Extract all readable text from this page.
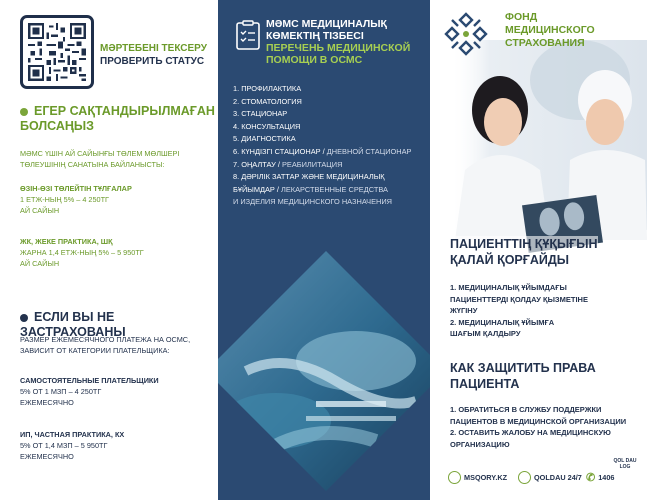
МӘРТЕБЕНІ ТЕКСЕРУ
ПРОВЕРИТЬ СТАТУС
ЕГЕР САҚТАНДЫРЫЛМАҒАН
БОЛСАҢЫЗ
МӘМС ҮШІН АЙ САЙЫНҒЫ ТӨЛЕМ МӨЛШЕРІ
ТӨЛЕУШІНІҢ САНАТЫНА БАЙЛАНЫСТЫ:
ӨЗІН-ӨЗІ ТӨЛЕЙТІН ТҰЛҒАЛАР
1 ЕТЖ-НЫҢ 5% – 4 250ТГ
АЙ САЙЫН
ЖК, ЖЕКЕ ПРАКТИКА, ШҚ
ЖАРНА 1,4 ЕТЖ-НЫҢ 5% – 5 950ТГ
АЙ САЙЫН
ЕСЛИ ВЫ НЕ ЗАСТРАХОВАНЫ
РАЗМЕР ЕЖЕМЕСЯЧНОГО ПЛАТЕЖА НА ОСМС,
ЗАВИСИТ ОТ КАТЕГОРИИ ПЛАТЕЛЬЩИКА:
САМОСТОЯТЕЛЬНЫЕ ПЛАТЕЛЬЩИКИ
5% ОТ 1 МЗП – 4 250ТГ
ЕЖЕМЕСЯЧНО
ИП, ЧАСТНАЯ ПРАКТИКА, КХ
5% ОТ 1,4 МЗП – 5 950ТГ
ЕЖЕМЕСЯЧНО
МӘМС МЕДИЦИНАЛЫҚ
КӨМЕКТІҢ ТІЗБЕСІ
ПЕРЕЧЕНЬ МЕДИЦИНСКОЙ
ПОМОЩИ В ОСМС
1. ПРОФИЛАКТИКА
2. СТОМАТОЛОГИЯ
3. СТАЦИОНАР
4. КОНСУЛЬТАЦИЯ
5. ДИАГНОСТИКА
6. КҮНДІЗГІ СТАЦИОНАР / ДНЕВНОЙ СТАЦИОНАР
7. ОҢАЛТАУ / РЕАБИЛИТАЦИЯ
8. ДӘРІЛІК ЗАТТАР ЖӘНЕ МЕДИЦИНАЛЫҚ
БҰЙЫМДАР / ЛЕКАРСТВЕННЫЕ СРЕДСТВА
И ИЗДЕЛИЯ МЕДИЦИНСКОГО НАЗНАЧЕНИЯ
ФОНД
МЕДИЦИНСКОГО
СТРАХОВАНИЯ
ПАЦИЕНТТІҢ ҚҰҚЫҒЫН
ҚАЛАЙ ҚОРҒАЙДЫ
1. МЕДИЦИНАЛЫҚ ҰЙЫМДАҒЫ
ПАЦИЕНТТЕРДІ ҚОЛДАУ ҚЫЗМЕТІНЕ
ЖҮГІНУ
2. МЕДИЦИНАЛЫҚ ҰЙЫМҒА
ШАҒЫМ ҚАЛДЫРУ
КАК ЗАЩИТИТЬ ПРАВА
ПАЦИЕНТА
1. ОБРАТИТЬСЯ В СЛУЖБУ ПОДДЕРЖКИ
ПАЦИЕНТОВ В МЕДИЦИНСКОЙ ОРГАНИЗАЦИИ
2. ОСТАВИТЬ ЖАЛОБУ НА МЕДИЦИНСКУЮ
ОРГАНИЗАЦИЮ
MSQORY.KZ	QOLDAU 24/7 ✆ 1406
QOL DAU LOG
